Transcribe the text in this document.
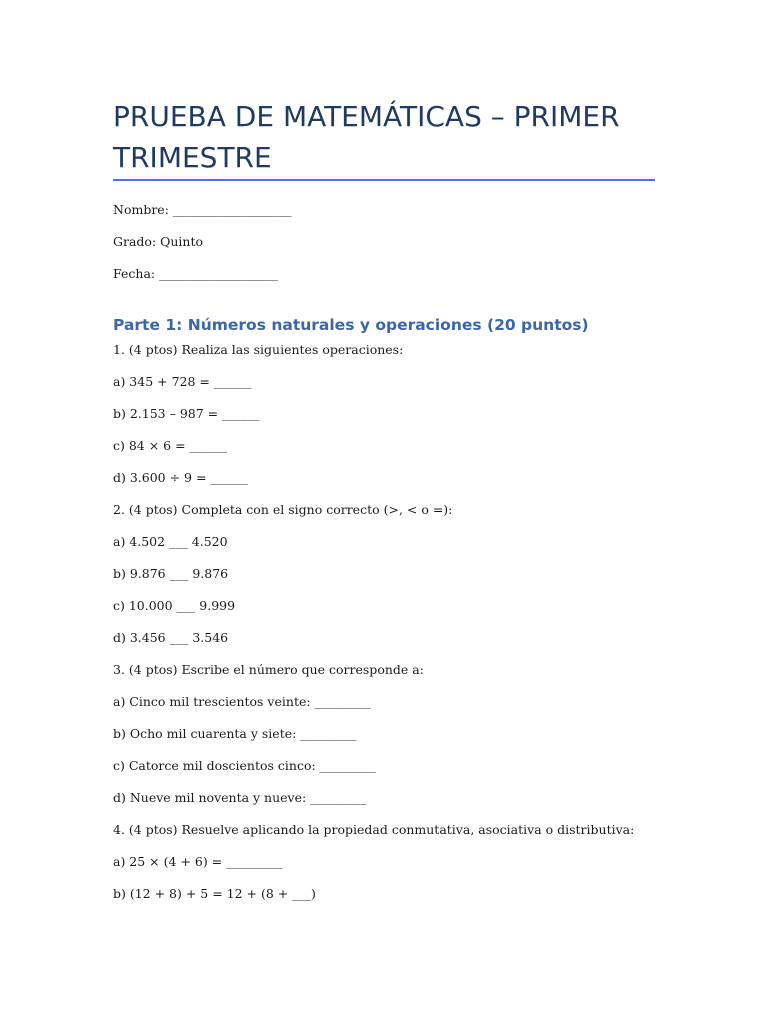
PRUEBA DE MATEMÁTICAS – PRIMER TRIMESTRE
Nombre: ___________________
Grado: Quinto
Fecha: ___________________
Parte 1: Números naturales y operaciones (20 puntos)
1. (4 ptos) Realiza las siguientes operaciones:
a) 345 + 728 = ______
b) 2.153 – 987 = ______
c) 84 × 6 = ______
d) 3.600 ÷ 9 = ______
2. (4 ptos) Completa con el signo correcto (>, < o =):
a) 4.502 ___ 4.520
b) 9.876 ___ 9.876
c) 10.000 ___ 9.999
d) 3.456 ___ 3.546
3. (4 ptos) Escribe el número que corresponde a:
a) Cinco mil trescientos veinte: _________
b) Ocho mil cuarenta y siete: _________
c) Catorce mil doscientos cinco: _________
d) Nueve mil noventa y nueve: _________
4. (4 ptos) Resuelve aplicando la propiedad conmutativa, asociativa o distributiva:
a) 25 × (4 + 6) = _________
b) (12 + 8) + 5 = 12 + (8 + ___)
